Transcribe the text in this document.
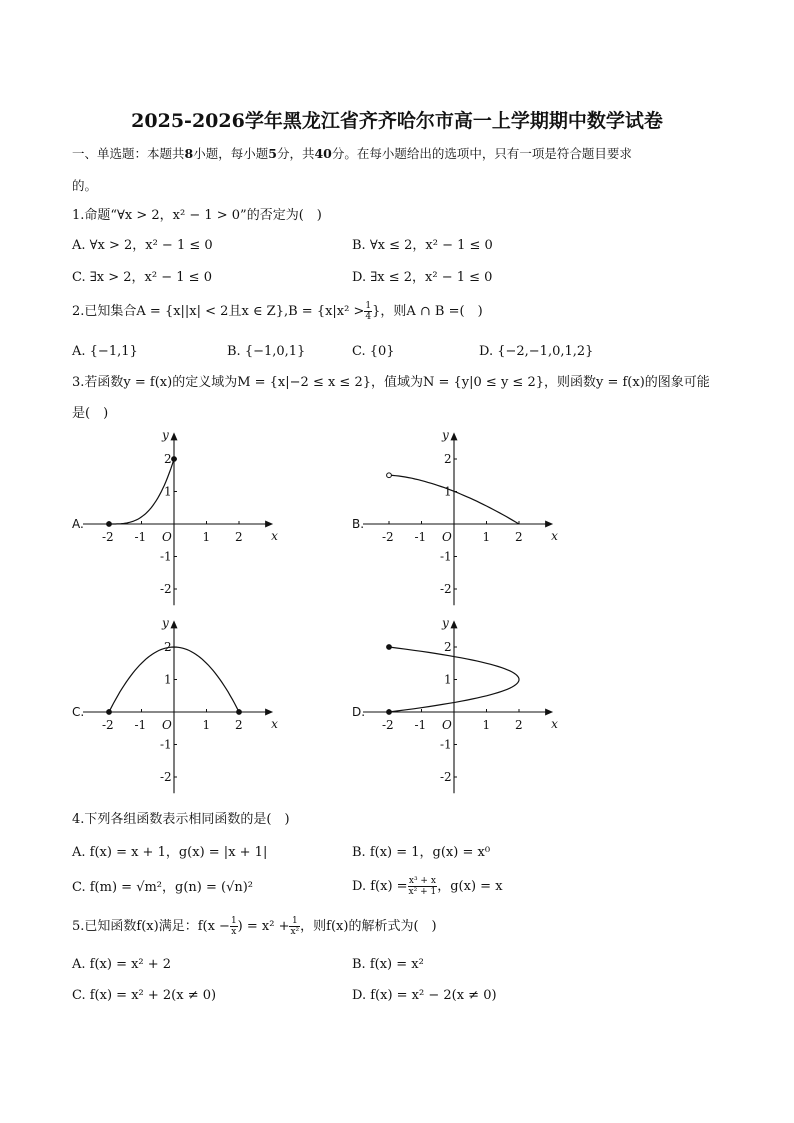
2025-2026学年黑龙江省齐齐哈尔市高一上学期期中数学试卷
一、单选题：本题共8小题，每小题5分，共40分。在每小题给出的选项中，只有一项是符合题目要求
的。
1.命题“∀x > 2，x² − 1 > 0”的否定为(　)
A. ∀x > 2，x² − 1 ≤ 0	B. ∀x ≤ 2，x² − 1 ≤ 0
C. ∃x > 2，x² − 1 ≤ 0	D. ∃x ≤ 2，x² − 1 ≤ 0
2.已知集合A = {x||x| < 2且x ∈ $Z\},B = \{x|x^2 > \frac{1}{4}$ }，则A ∩ B =(　)
A. {−1,1}	B. {−1,0,1}	C. {0}	D. {−2,−1,0,1,2}
3.若函数y = f(x)的定义域为M = {x|−2 ≤ x ≤ 2}，值域为N = {y|0 ≤ y ≤ 2}，则函数y = f(x)的图象可能
是(　)
A.
x
y
O
-2 -1	1 2
2
1
-1
-2
B.
x
y
O
-2 -1	1 2
2
1
-1
-2
C.
x
y
O
-2 -1	1 2
2
1
-1
-2
D.
x
y
O
-2 -1	1 2
2
1
-1
-2
4.下列各组函数表示相同函数的是(　)
A. f(x) = x + 1，g(x) = |x + 1|	B. f(x) = 1，g(x) = x⁰
C. f(m) = √m²，g(n) = (√n)²	D. $f(x) = \frac{\text{x³ + x}}{\text{x² + 1}}$ ，g(x) = x
5.已知函数f(x)满足：$f(x - \frac{1}{x}$ ) = $x^2 + \frac{1}{\text{x²}}$ ，则f(x)的解析式为(　)
A. f(x) = x² + 2	B. f(x) = x²
C. f(x) = x² + 2(x ≠ 0)	D. f(x) = x² − 2(x ≠ 0)
